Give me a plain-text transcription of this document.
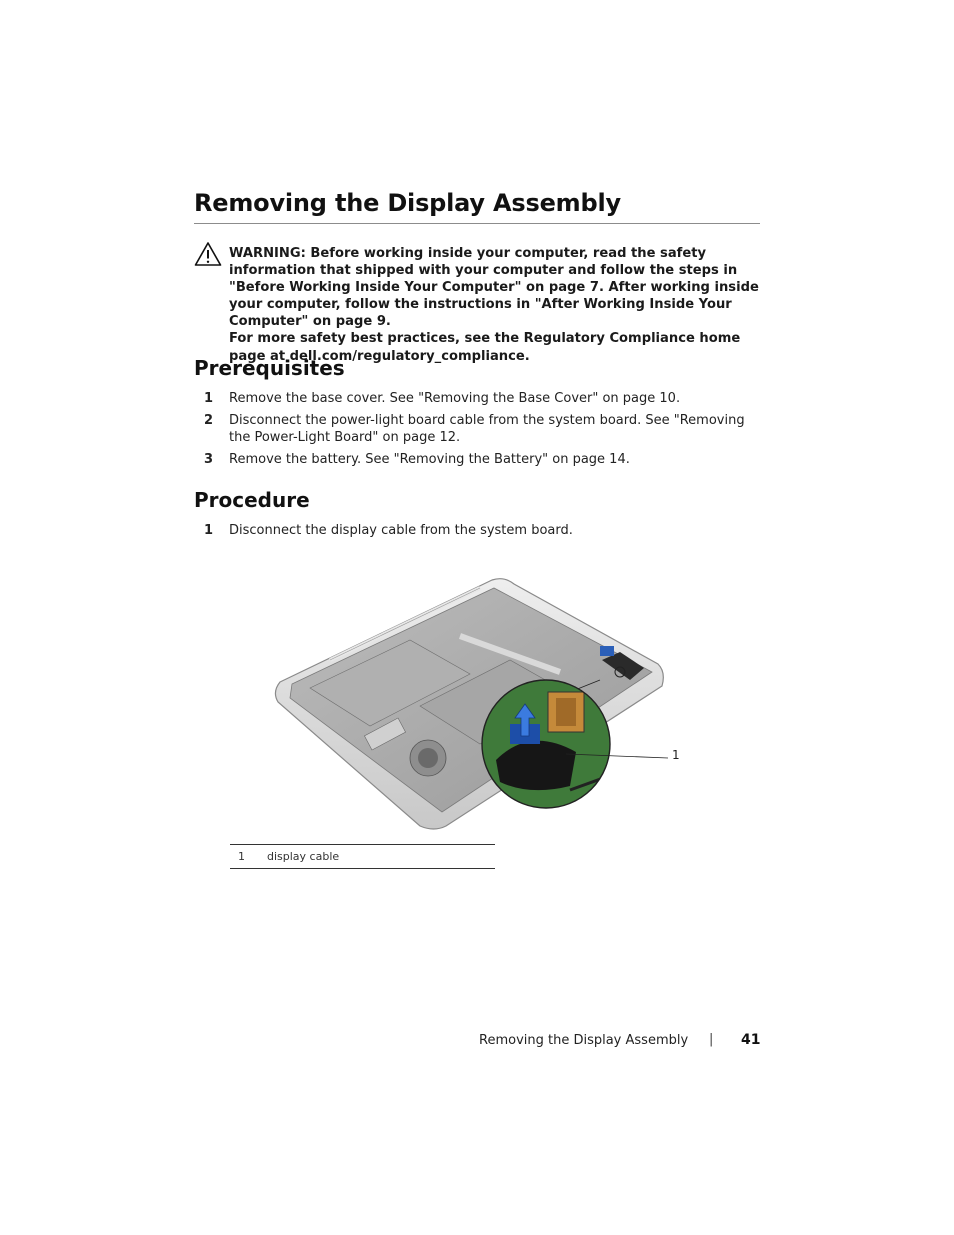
Removing the Display Assembly

WARNING: Before working inside your computer, read the safety information that shipped with your computer and follow the steps in "Before Working Inside Your Computer" on page 7. After working inside your computer, follow the instructions in "After Working Inside Your Computer" on page 9.

For more safety best practices, see the Regulatory Compliance home page at dell.com/regulatory_compliance.

Prerequisites
1	Remove the base cover. See "Removing the Base Cover" on page 10.
2	Disconnect the power-light board cable from the system board. See "Removing the Power-Light Board" on page 12.
3	Remove the battery. See "Removing the Battery" on page 14.
Procedure
1	Disconnect the display cable from the system board.
1
1 display cable
Removing the Display Assembly | 41
